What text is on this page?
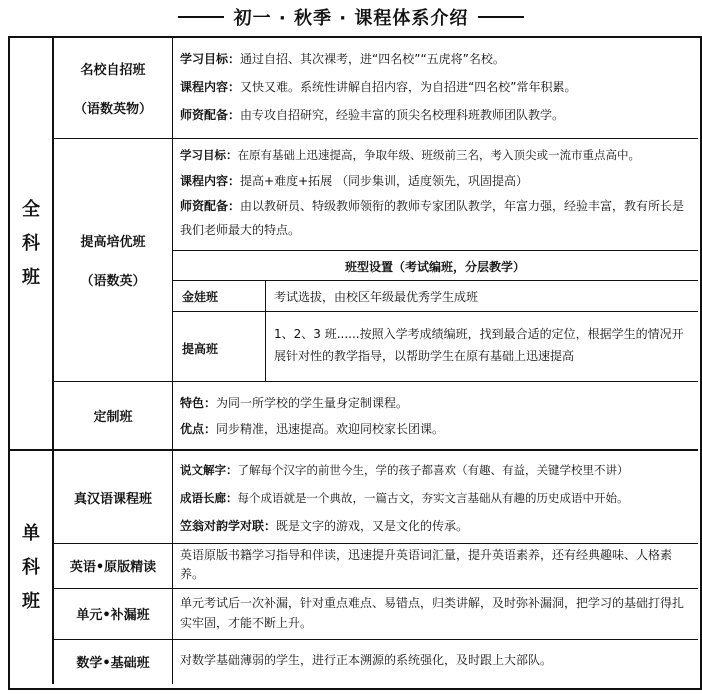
初一 · 秋季 · 课程体系介绍
全
科
班
单
科
班
名校自招班
（语数英物）

学习目标：通过自招、其次裸考，进“四名校”“五虎将”名校。

课程内容：又快又难。系统性讲解自招内容，为自招进“四名校”常年积累。

师资配备：由专攻自招研究，经验丰富的顶尖名校理科班教师团队教学。

提高培优班
（语数英）

学习目标：在原有基础上迅速提高，争取年级、班级前三名，考入顶尖或一流市重点高中。

课程内容：提高+难度+拓展 （同步集训，适度领先，巩固提高）

师资配备：由以教研员、特级教师领衔的教师专家团队教学，年富力强，经验丰富，教有所长是我们老师最大的特点。

班型设置（考试编班，分层教学）
金娃班	考试选拔，由校区年级最优秀学生成班
提高班
1、2、3 班......按照入学考成绩编班，找到最合适的定位，根据学生的情况开展针对性的教学指导，以帮助学生在原有基础上迅速提高
定制班

特色：为同一所学校的学生量身定制课程。

优点：同步精准，迅速提高。欢迎同校家长团课。

真汉语课程班

说文解字：了解每个汉字的前世今生，学的孩子都喜欢（有趣、有益，关键学校里不讲）

成语长廊：每个成语就是一个典故，一篇古文，夯实文言基础从有趣的历史成语中开始。

笠翁对韵学对联：既是文字的游戏，又是文化的传承。

英语•原版精读
英语原版书籍学习指导和伴读，迅速提升英语词汇量，提升英语素养，还有经典趣味、人格素养。
单元•补漏班
单元考试后一次补漏，针对重点难点、易错点，归类讲解，及时弥补漏洞，把学习的基础打得扎实牢固，才能不断上升。
数学•基础班	对数学基础薄弱的学生，进行正本溯源的系统强化，及时跟上大部队。
